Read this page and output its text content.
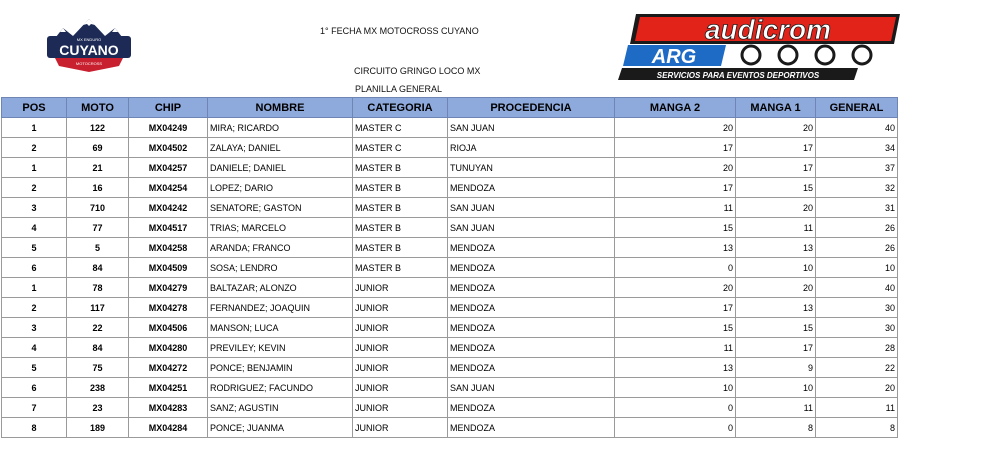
MX ENDURO
CUYANO
MOTOCROSS
1° FECHA MX MOTOCROSS CUYANO
CIRCUITO GRINGO LOCO MX
PLANILLA GENERAL
audicrom
ARG
SERVICIOS PARA EVENTOS DEPORTIVOS
POS	MOTO	CHIP	NOMBRE	CATEGORIA	PROCEDENCIA	MANGA 2	MANGA 1	GENERAL
1	122	MX04249	MIRA; RICARDO	MASTER C	SAN JUAN	20	20	40
2	69	MX04502	ZALAYA; DANIEL	MASTER C	RIOJA	17	17	34
1	21	MX04257	DANIELE; DANIEL	MASTER B	TUNUYAN	20	17	37
2	16	MX04254	LOPEZ; DARIO	MASTER B	MENDOZA	17	15	32
3	710	MX04242	SENATORE; GASTON	MASTER B	SAN JUAN	11	20	31
4	77	MX04517	TRIAS; MARCELO	MASTER B	SAN JUAN	15	11	26
5	5	MX04258	ARANDA; FRANCO	MASTER B	MENDOZA	13	13	26
6	84	MX04509	SOSA; LENDRO	MASTER B	MENDOZA	0	10	10
1	78	MX04279	BALTAZAR; ALONZO	JUNIOR	MENDOZA	20	20	40
2	117	MX04278	FERNANDEZ; JOAQUIN	JUNIOR	MENDOZA	17	13	30
3	22	MX04506	MANSON; LUCA	JUNIOR	MENDOZA	15	15	30
4	84	MX04280	PREVILEY; KEVIN	JUNIOR	MENDOZA	11	17	28
5	75	MX04272	PONCE; BENJAMIN	JUNIOR	MENDOZA	13	9	22
6	238	MX04251	RODRIGUEZ; FACUNDO	JUNIOR	SAN JUAN	10	10	20
7	23	MX04283	SANZ; AGUSTIN	JUNIOR	MENDOZA	0	11	11
8	189	MX04284	PONCE; JUANMA	JUNIOR	MENDOZA	0	8	8
